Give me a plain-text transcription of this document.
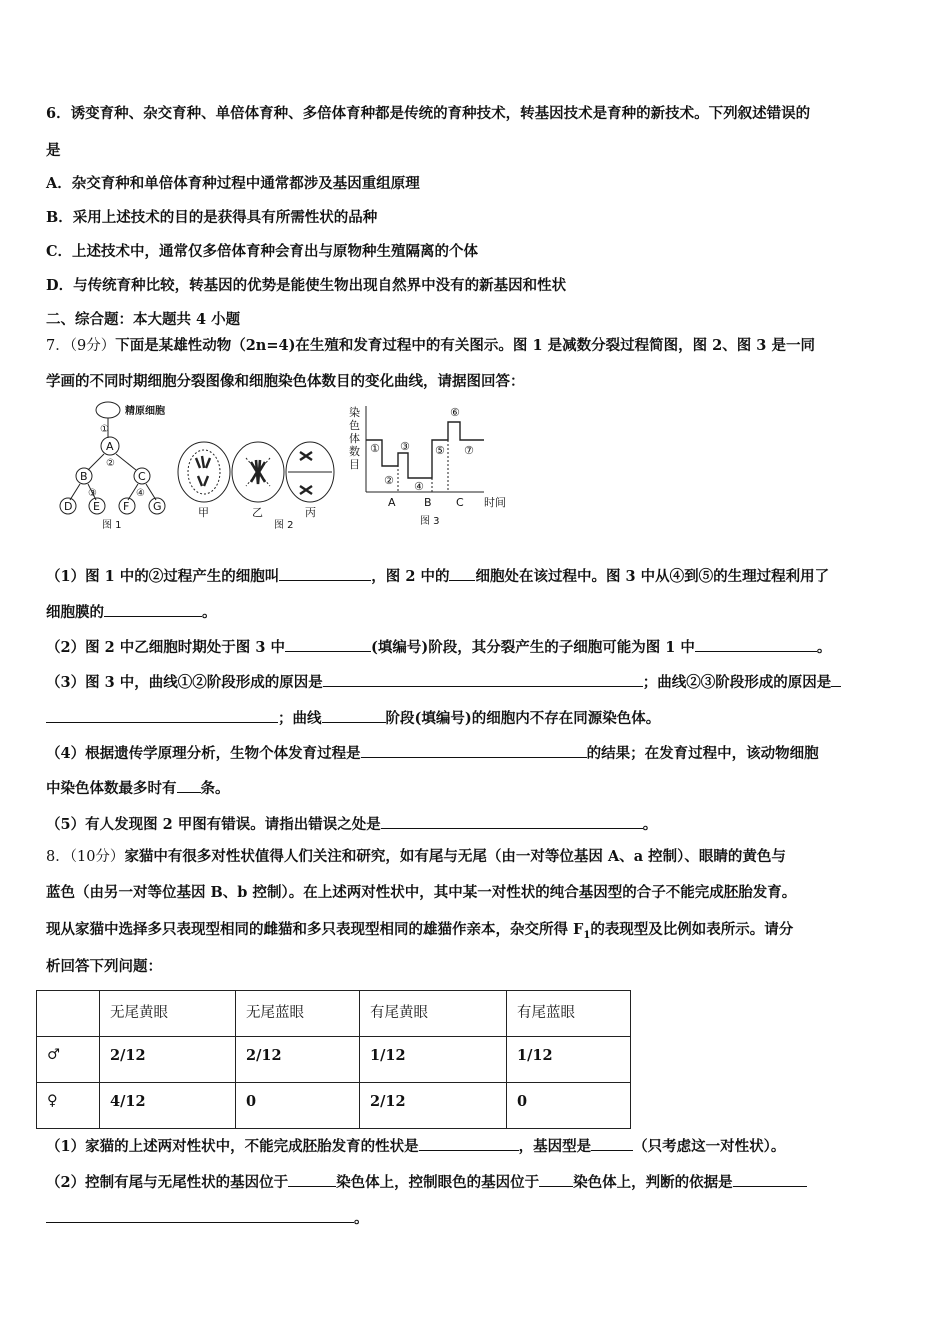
6．诱变育种、杂交育种、单倍体育种、多倍体育种都是传统的育种技术，转基因技术是育种的新技术。下列叙述错误的
是
A．杂交育种和单倍体育种过程中通常都涉及基因重组原理
B．采用上述技术的目的是获得具有所需性状的品种
C．上述技术中，通常仅多倍体育种会育出与原物种生殖隔离的个体
D．与传统育种比较，转基因的优势是能使生物出现自然界中没有的新基因和性状
二、综合题：本大题共 4 小题
7．（9分）下面是某雄性动物（2n=4)在生殖和发育过程中的有关图示。图 1 是减数分裂过程简图，图 2、图 3 是一同
学画的不同时期细胞分裂图像和细胞染色体数目的变化曲线，请据图回答：
精原细胞
①
A
②
B	C
③	④
D E F G
图 1
甲	乙	丙
图 2
染
色
体
数
目
①
②
③
④
⑤
⑥
⑦
A	B C 时间
图 3
（1）图 1 中的②过程产生的细胞叫	，图 2 中的 细胞处在该过程中。图 3 中从④到⑤的生理过程利用了
细胞膜的	。
（2）图 2 中乙细胞时期处于图 3 中	(填编号)阶段，其分裂产生的子细胞可能为图 1 中	。
（3）图 3 中，曲线①②阶段形成的原因是	；曲线②③阶段形成的原因是
；曲线	阶段(填编号)的细胞内不存在同源染色体。
（4）根据遗传学原理分析，生物个体发育过程是	的结果；在发育过程中，该动物细胞
中染色体数最多时有 条。
（5）有人发现图 2 甲图有错误。请指出错误之处是	。
8．（10分）家猫中有很多对性状值得人们关注和研究，如有尾与无尾（由一对等位基因 A、a 控制）、眼睛的黄色与
蓝色（由另一对等位基因 B、b 控制）。在上述两对性状中，其中某一对性状的纯合基因型的合子不能完成胚胎发育。
现从家猫中选择多只表现型相同的雌猫和多只表现型相同的雄猫作亲本，杂交所得 $F_1$的表现型及比例如表所示。请分
析回答下列问题：
	无尾黄眼	无尾蓝眼	有尾黄眼	有尾蓝眼
♂	2/12	2/12	1/12	1/12
♀	4/12	0	2/12	0
（1）家猫的上述两对性状中，不能完成胚胎发育的性状是	，基因型是	（只考虑这一对性状）。
（2）控制有尾与无尾性状的基因位于	染色体上，控制眼色的基因位于 染色体上，判断的依据是
。
